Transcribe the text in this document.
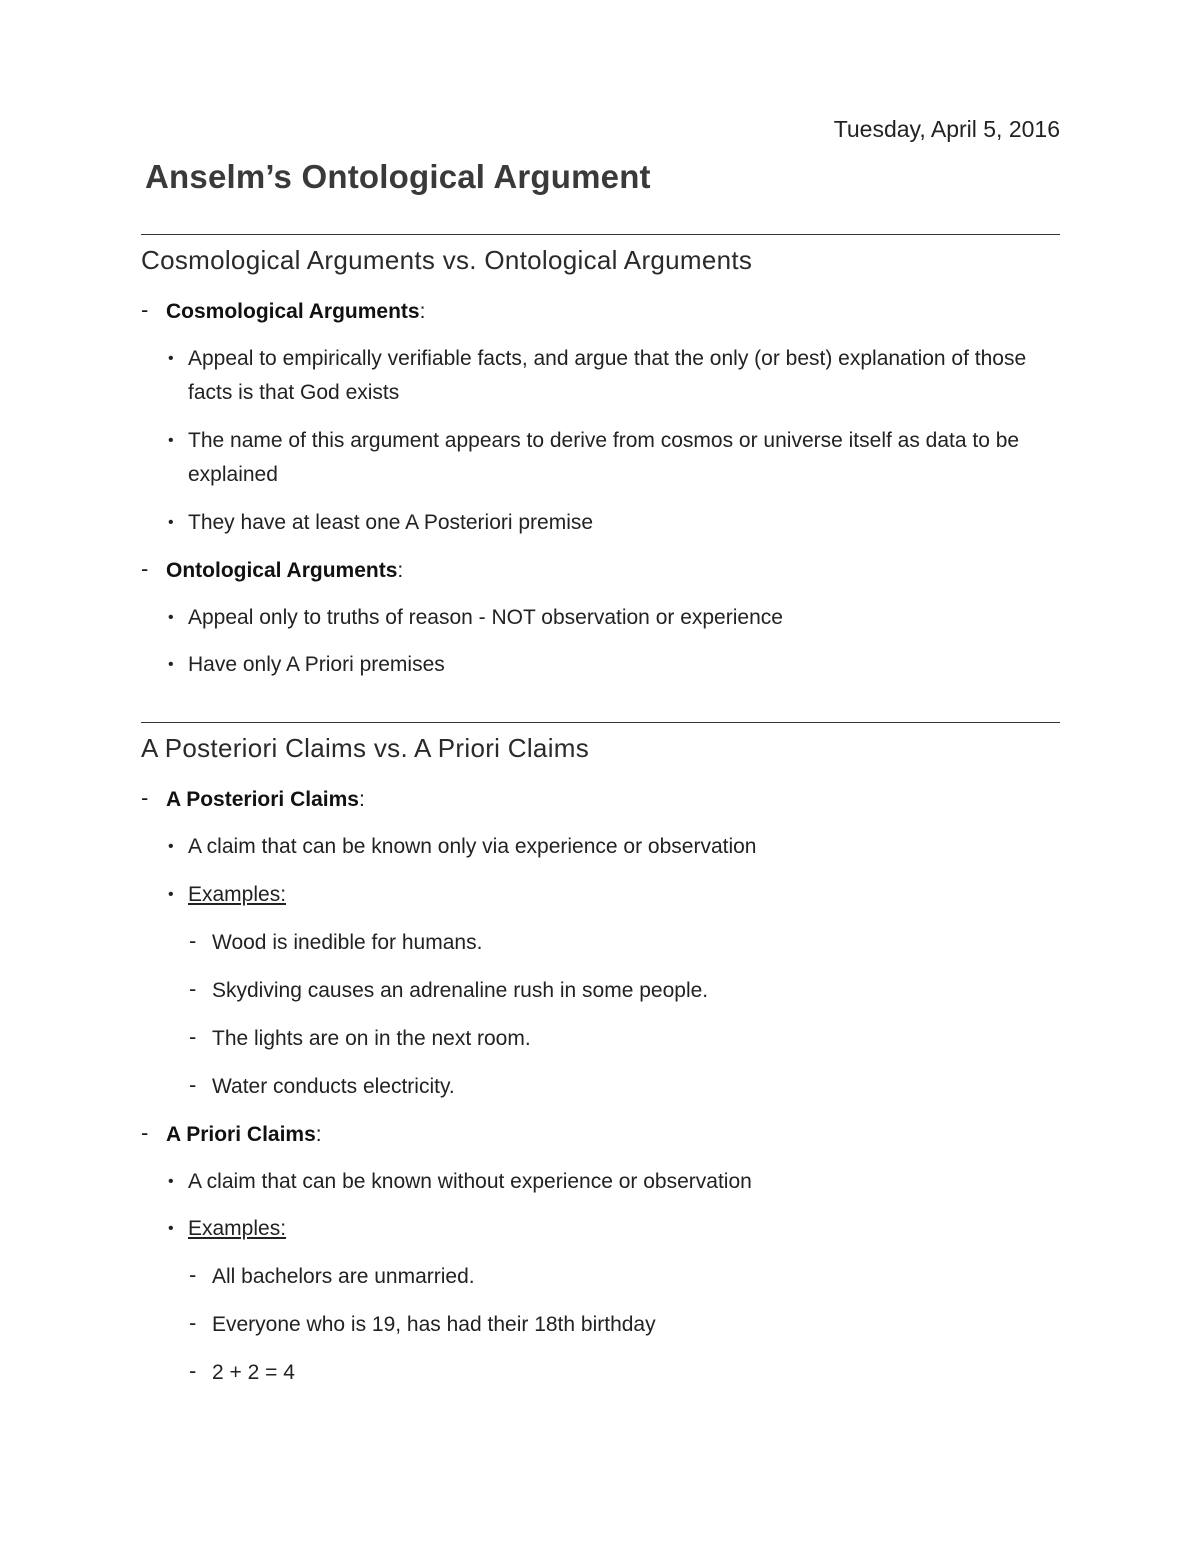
Tuesday, April 5, 2016
Anselm’s Ontological Argument
Cosmological Arguments vs. Ontological Arguments
- Cosmological Arguments:
• Appeal to empirically verifiable facts, and argue that the only (or best) explanation of those facts is that God exists
• The name of this argument appears to derive from cosmos or universe itself as data to be explained
• They have at least one A Posteriori premise
- Ontological Arguments:
• Appeal only to truths of reason - NOT observation or experience
• Have only A Priori premises
A Posteriori Claims vs. A Priori Claims
- A Posteriori Claims:
• A claim that can be known only via experience or observation
• Examples:
- Wood is inedible for humans.
- Skydiving causes an adrenaline rush in some people.
- The lights are on in the next room.
- Water conducts electricity.
- A Priori Claims:
• A claim that can be known without experience or observation
• Examples:
- All bachelors are unmarried.
- Everyone who is 19, has had their 18th birthday
- 2 + 2 = 4
